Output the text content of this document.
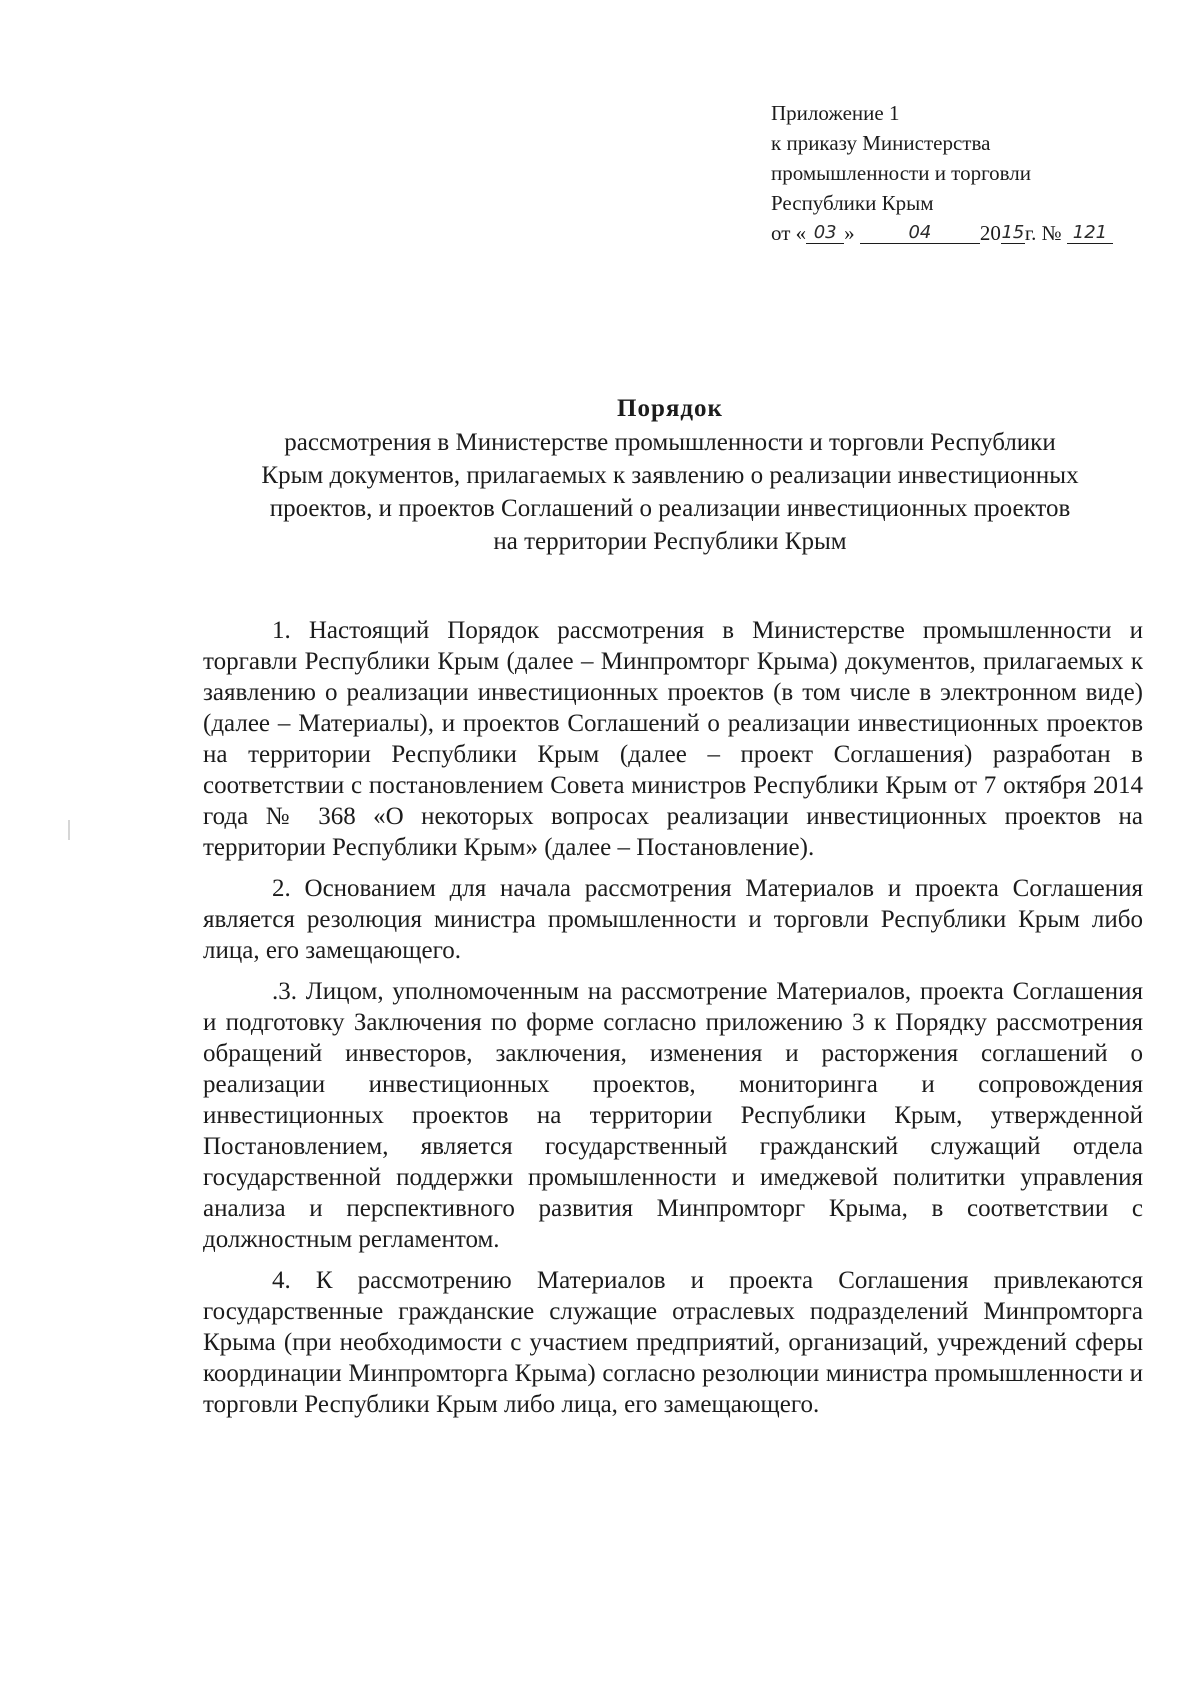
Приложение 1
к приказу Министерства
промышленности и торговли
Республики Крым
от « 03 »	04 2015г. № 121
Порядок
рассмотрения в Министерстве промышленности и торговли Республики
Крым документов, прилагаемых к заявлению о реализации инвестиционных
проектов, и проектов Соглашений о реализации инвестиционных проектов
на территории Республики Крым

1. Настоящий Порядок рассмотрения в Министерстве промышленности и торгавли Республики Крым (далее – Минпромторг Крыма) документов, прилагаемых к заявлению о реализации инвестиционных проектов (в том числе в электронном виде) (далее – Материалы), и проектов Соглашений о реализации инвестиционных проектов на территории Республики Крым (далее – проект Соглашения) разработан в соответствии с постановлением Совета министров Республики Крым от 7 октября 2014 года № 368 «О некоторых вопросах реализации инвестиционных проектов на территории Республики Крым» (далее – Постановление).

2. Основанием для начала рассмотрения Материалов и проекта Соглашения является резолюция министра промышленности и торговли Республики Крым либо лица, его замещающего.

.3. Лицом, уполномоченным на рассмотрение Материалов, проекта Соглашения и подготовку Заключения по форме согласно приложению 3 к Порядку рассмотрения обращений инвесторов, заключения, изменения и расторжения соглашений о реализации инвестиционных проектов, мониторинга и сопровождения инвестиционных проектов на территории Республики Крым, утвержденной Постановлением, является государственный гражданский служащий отдела государственной поддержки промышленности и имеджевой полититки управления анализа и перспективного развития Минпромторг Крыма, в соответствии с должностным регламентом.

4. К рассмотрению Материалов и проекта Соглашения привлекаются государственные гражданские служащие отраслевых подразделений Минпромторга Крыма (при необходимости с участием предприятий, организаций, учреждений сферы координации Минпромторга Крыма) согласно резолюции министра промышленности и торговли Республики Крым либо лица, его замещающего.
